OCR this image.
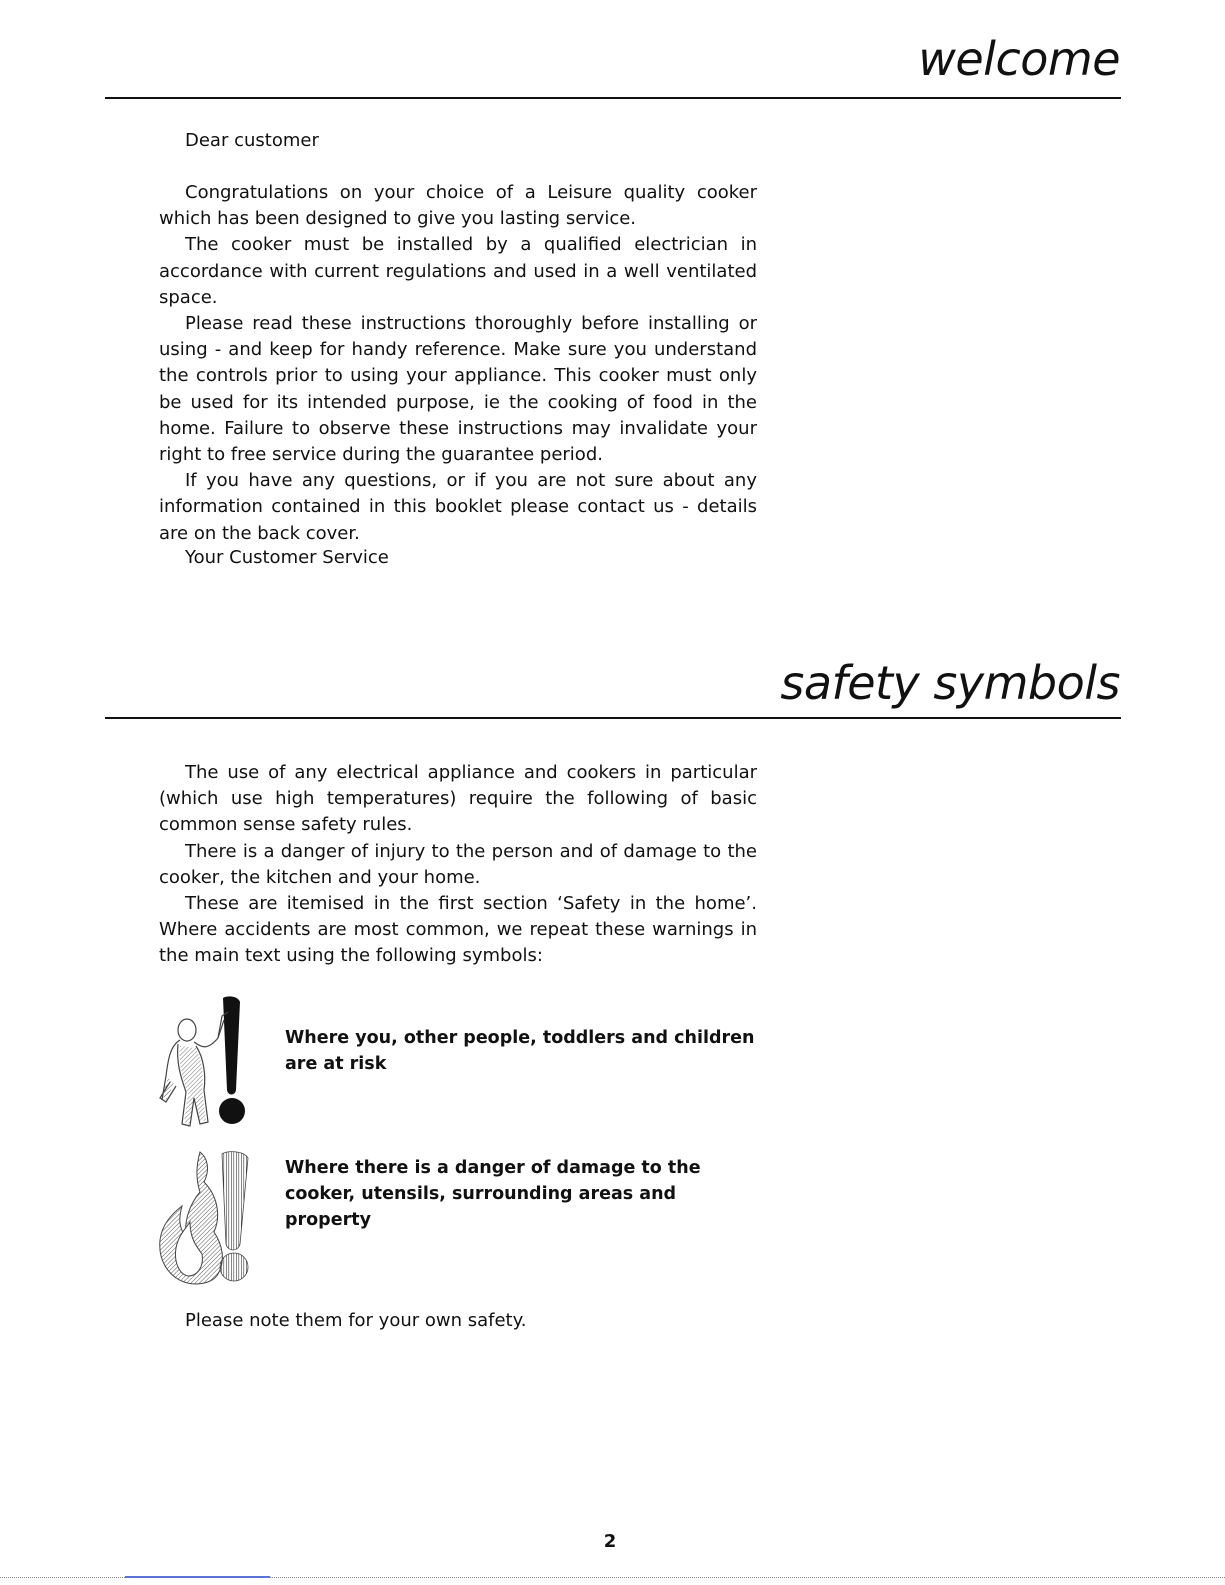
welcome
Dear customer

Congratulations on your choice of a Leisure quality cooker which has been designed to give you lasting service.

The cooker must be installed by a qualified electrician in accordance with current regulations and used in a well ventilated space.

Please read these instructions thoroughly before installing or using - and keep for handy reference. Make sure you understand the controls prior to using your appliance. This cooker must only be used for its intended purpose, ie the cooking of food in the home. Failure to observe these instructions may invalidate your right to free service during the guarantee period.

If you have any questions, or if you are not sure about any information contained in this booklet please contact us - details are on the back cover.

Your Customer Service
safety symbols

The use of any electrical appliance and cookers in particular (which use high temperatures) require the following of basic common sense safety rules.

There is a danger of injury to the person and of damage to the cooker, the kitchen and your home.

These are itemised in the first section ‘Safety in the home’. Where accidents are most common, we repeat these warnings in the main text using the following symbols:

Where you, other people, toddlers and children are at risk
Where there is a danger of damage to the cooker, utensils, surrounding areas and property
Please note them for your own safety.
2
